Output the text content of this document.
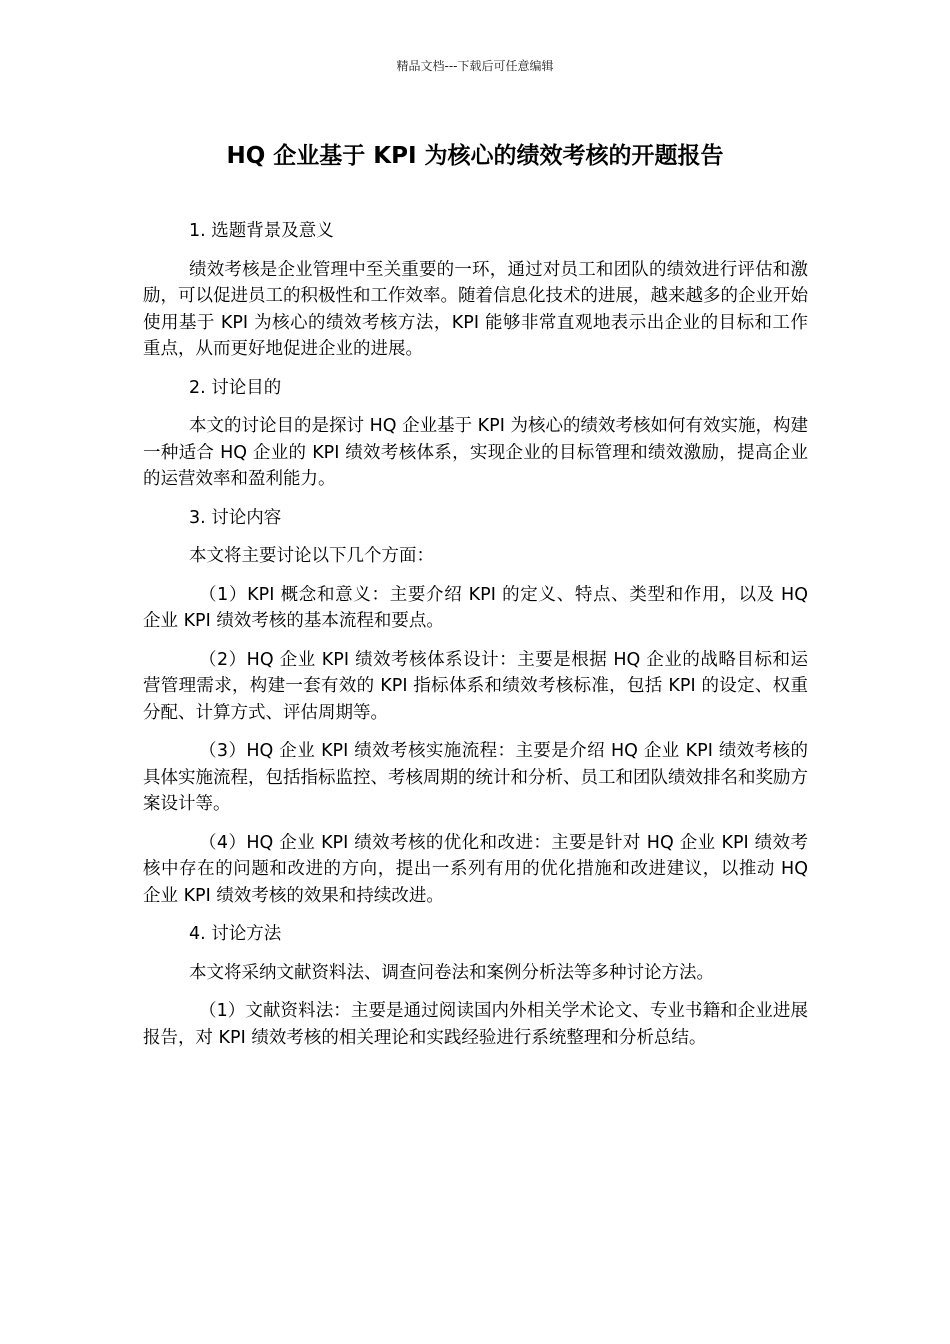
精品文档---下载后可任意编辑
HQ 企业基于 KPI 为核心的绩效考核的开题报告

1. 选题背景及意义

绩效考核是企业管理中至关重要的一环，通过对员工和团队的绩效进行评估和激励，可以促进员工的积极性和工作效率。随着信息化技术的进展，越来越多的企业开始使用基于 KPI 为核心的绩效考核方法，KPI 能够非常直观地表示出企业的目标和工作重点，从而更好地促进企业的进展。

2. 讨论目的

本文的讨论目的是探讨 HQ 企业基于 KPI 为核心的绩效考核如何有效实施，构建一种适合 HQ 企业的 KPI 绩效考核体系，实现企业的目标管理和绩效激励，提高企业的运营效率和盈利能力。

3. 讨论内容

本文将主要讨论以下几个方面：

（1）KPI 概念和意义：主要介绍 KPI 的定义、特点、类型和作用，以及 HQ 企业 KPI 绩效考核的基本流程和要点。

（2）HQ 企业 KPI 绩效考核体系设计：主要是根据 HQ 企业的战略目标和运营管理需求，构建一套有效的 KPI 指标体系和绩效考核标准，包括 KPI 的设定、权重分配、计算方式、评估周期等。

（3）HQ 企业 KPI 绩效考核实施流程：主要是介绍 HQ 企业 KPI 绩效考核的具体实施流程，包括指标监控、考核周期的统计和分析、员工和团队绩效排名和奖励方案设计等。

（4）HQ 企业 KPI 绩效考核的优化和改进：主要是针对 HQ 企业 KPI 绩效考核中存在的问题和改进的方向，提出一系列有用的优化措施和改进建议，以推动 HQ 企业 KPI 绩效考核的效果和持续改进。

4. 讨论方法

本文将采纳文献资料法、调查问卷法和案例分析法等多种讨论方法。

（1）文献资料法：主要是通过阅读国内外相关学术论文、专业书籍和企业进展报告，对 KPI 绩效考核的相关理论和实践经验进行系统整理和分析总结。
